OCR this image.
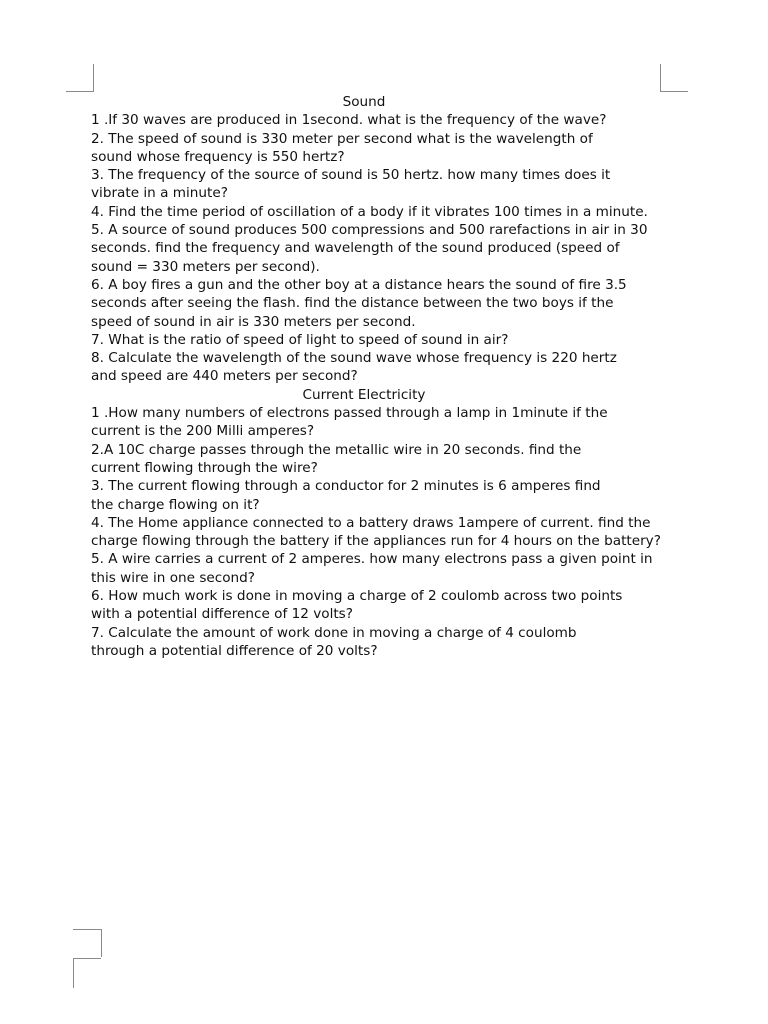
Sound
1 .If 30 waves are produced in 1second. what is the frequency of the wave?
2. The speed of sound is 330 meter per second what is the wavelength of
sound whose frequency is 550 hertz?
3. The frequency of the source of sound is 50 hertz. how many times does it
vibrate in a minute?
4. Find the time period of oscillation of a body if it vibrates 100 times in a minute.
5. A source of sound produces 500 compressions and 500 rarefactions in air in 30
seconds. find the frequency and wavelength of the sound produced (speed of
sound = 330 meters per second).
6. A boy fires a gun and the other boy at a distance hears the sound of fire 3.5
seconds after seeing the flash. find the distance between the two boys if the
speed of sound in air is 330 meters per second.
7. What is the ratio of speed of light to speed of sound in air?
8. Calculate the wavelength of the sound wave whose frequency is 220 hertz
and speed are 440 meters per second?
Current Electricity
1 .How many numbers of electrons passed through a lamp in 1minute if the
current is the 200 Milli amperes?
2.A 10C charge passes through the metallic wire in 20 seconds. find the
current flowing through the wire?
3. The current flowing through a conductor for 2 minutes is 6 amperes find
the charge flowing on it?
4. The Home appliance connected to a battery draws 1ampere of current. find the
charge flowing through the battery if the appliances run for 4 hours on the battery?
5. A wire carries a current of 2 amperes. how many electrons pass a given point in
this wire in one second?
6. How much work is done in moving a charge of 2 coulomb across two points
with a potential difference of 12 volts?
7. Calculate the amount of work done in moving a charge of 4 coulomb
through a potential difference of 20 volts?
